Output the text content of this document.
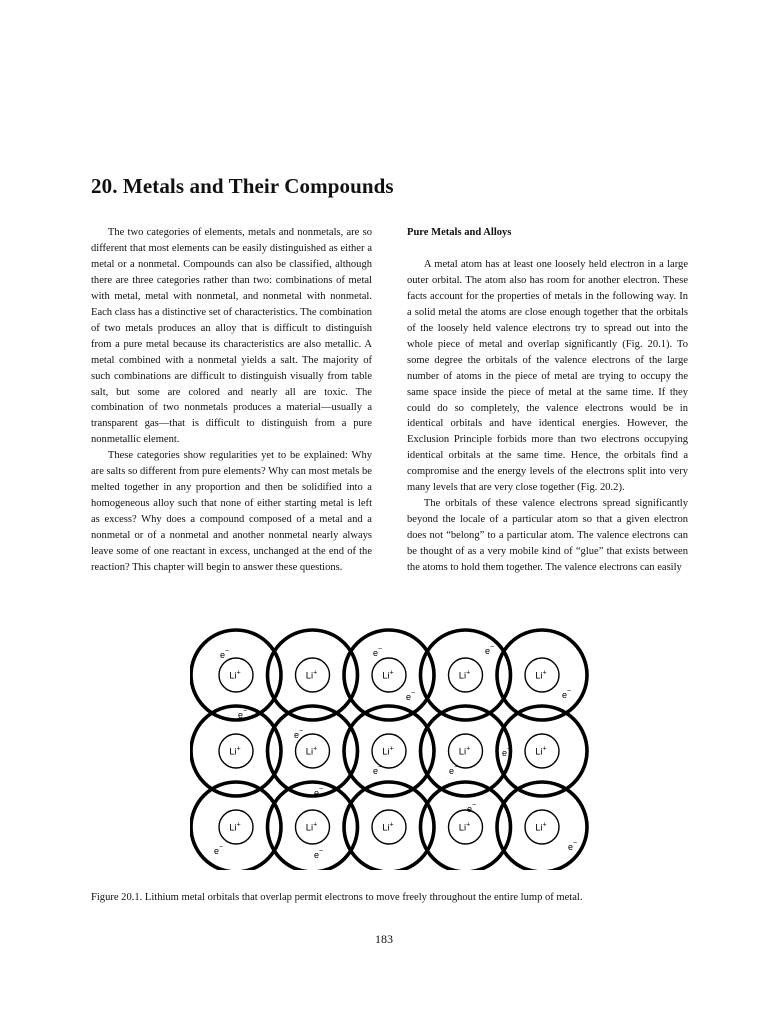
20. Metals and Their Compounds

The two categories of elements, metals and nonmetals, are so different that most elements can be easily distinguished as either a metal or a nonmetal. Compounds can also be classified, although there are three categories rather than two: combinations of metal with metal, metal with nonmetal, and nonmetal with nonmetal. Each class has a distinctive set of characteristics. The combination of two metals produces an alloy that is difficult to distinguish from a pure metal because its characteristics are also metallic. A metal combined with a nonmetal yields a salt. The majority of such combinations are difficult to distinguish visually from table salt, but some are colored and nearly all are toxic. The combination of two nonmetals produces a material—usually a transparent gas—that is difficult to distinguish from a pure nonmetallic element.

These categories show regularities yet to be explained: Why are salts so different from pure elements? Why can most metals be melted together in any proportion and then be solidified into a homogeneous alloy such that none of either starting metal is left as excess? Why does a compound composed of a metal and a nonmetal or of a nonmetal and another nonmetal nearly always leave some of one reactant in excess, unchanged at the end of the reaction? This chapter will begin to answer these questions.

Pure Metals and Alloys

A metal atom has at least one loosely held electron in a large outer orbital. The atom also has room for another electron. These facts account for the properties of metals in the following way. In a solid metal the atoms are close enough together that the orbitals of the loosely held valence electrons try to spread out into the whole piece of metal and overlap significantly (Fig. 20.1). To some degree the orbitals of the valence electrons of the large number of atoms in the piece of metal are trying to occupy the same space inside the piece of metal at the same time. If they could do so completely, the valence electrons would be in identical orbitals and have identical energies. However, the Exclusion Principle forbids more than two electrons occupying identical orbitals at the same time. Hence, the orbitals find a compromise and the energy levels of the electrons split into very many levels that are very close together (Fig. 20.2).

The orbitals of these valence electrons spread significantly beyond the locale of a particular atom so that a given electron does not “belong” to a particular atom. The valence electrons can be thought of as a very mobile kind of “glue” that exists between the atoms to hold them together. The valence electrons can easily

Li+	Li+	Li+	Li+	Li+
Li+	Li+	Li+	Li+	Li+
Li+	Li+	Li+	Li+	Li+
e−	e−	e−
e−
e−	e−
e−
e−	e−
e−
e−
e−
e−
e−	e−

Figure 20.1. Lithium metal orbitals that overlap permit electrons to move freely throughout the entire lump of metal.

183
